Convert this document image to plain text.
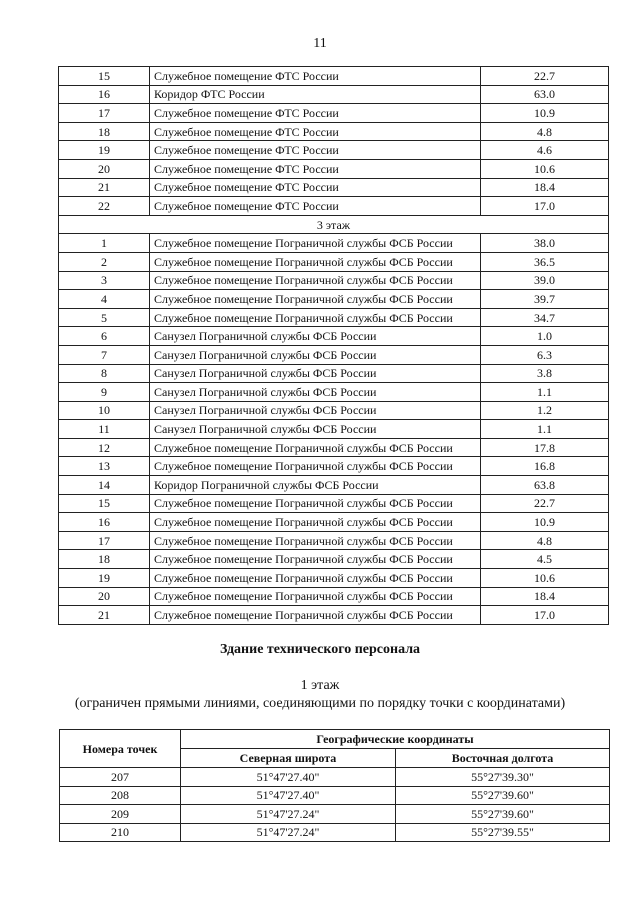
11
15	Служебное помещение ФТС России	22.7
16	Коридор ФТС России	63.0
17	Служебное помещение ФТС России	10.9
18	Служебное помещение ФТС России	4.8
19	Служебное помещение ФТС России	4.6
20	Служебное помещение ФТС России	10.6
21	Служебное помещение ФТС России	18.4
22	Служебное помещение ФТС России	17.0
3 этаж		
1	Служебное помещение Пограничной службы ФСБ России	38.0
2	Служебное помещение Пограничной службы ФСБ России	36.5
3	Служебное помещение Пограничной службы ФСБ России	39.0
4	Служебное помещение Пограничной службы ФСБ России	39.7
5	Служебное помещение Пограничной службы ФСБ России	34.7
6	Санузел Пограничной службы ФСБ России	1.0
7	Санузел Пограничной службы ФСБ России	6.3
8	Санузел Пограничной службы ФСБ России	3.8
9	Санузел Пограничной службы ФСБ России	1.1
10	Санузел Пограничной службы ФСБ России	1.2
11	Санузел Пограничной службы ФСБ России	1.1
12	Служебное помещение Пограничной службы ФСБ России	17.8
13	Служебное помещение Пограничной службы ФСБ России	16.8
14	Коридор Пограничной службы ФСБ России	63.8
15	Служебное помещение Пограничной службы ФСБ России	22.7
16	Служебное помещение Пограничной службы ФСБ России	10.9
17	Служебное помещение Пограничной службы ФСБ России	4.8
18	Служебное помещение Пограничной службы ФСБ России	4.5
19	Служебное помещение Пограничной службы ФСБ России	10.6
20	Служебное помещение Пограничной службы ФСБ России	18.4
21	Служебное помещение Пограничной службы ФСБ России	17.0
Здание технического персонала
1 этаж
(ограничен прямыми линиями, соединяющими по порядку точки с координатами)
Номера точек	Географические координаты	
	Северная широта	Восточная долгота
207	51°47'27.40"	55°27'39.30"
208	51°47'27.40"	55°27'39.60"
209	51°47'27.24"	55°27'39.60"
210	51°47'27.24"	55°27'39.55"
